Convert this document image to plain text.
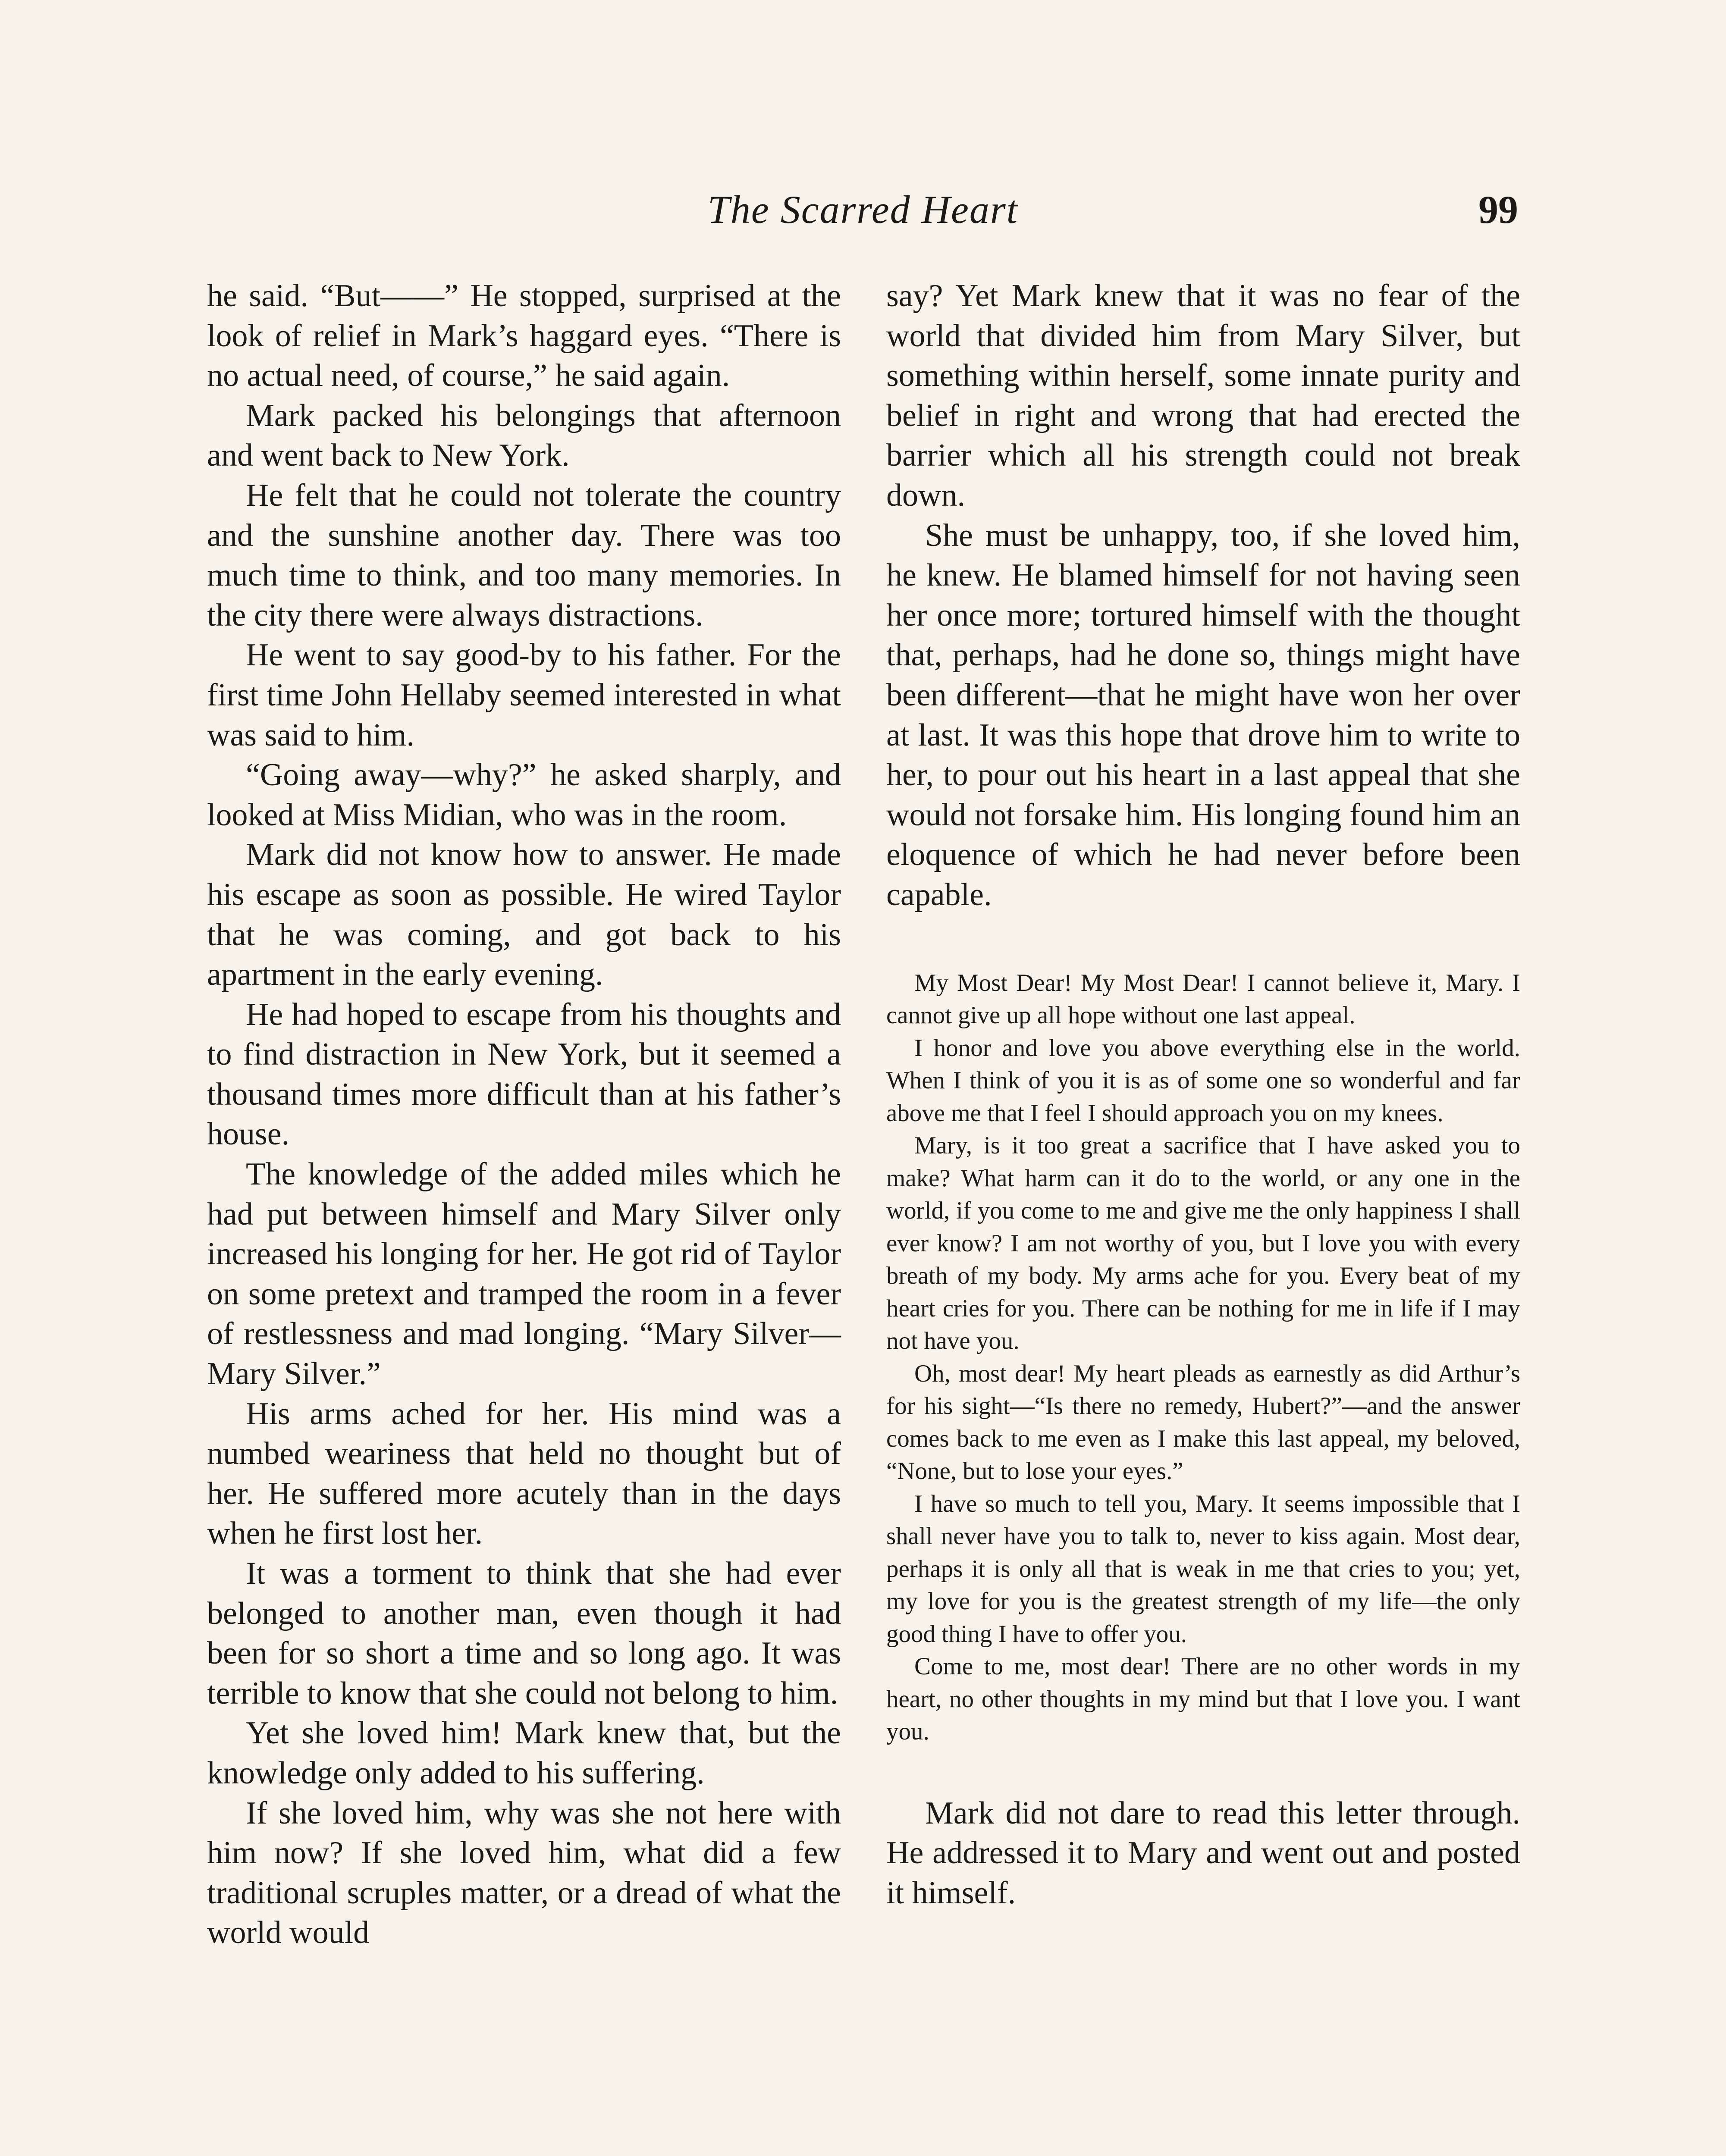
The Scarred Heart	99

he said. “But——” He stopped, surprised at the look of relief in Mark’s haggard eyes. “There is no actual need, of course,” he said again.

Mark packed his belongings that afternoon and went back to New York.

He felt that he could not tolerate the country and the sunshine another day. There was too much time to think, and too many memories. In the city there were always distractions.

He went to say good-by to his father. For the first time John Hellaby seemed interested in what was said to him.

“Going away—why?” he asked sharply, and looked at Miss Midian, who was in the room.

Mark did not know how to answer. He made his escape as soon as possible. He wired Taylor that he was coming, and got back to his apartment in the early evening.

He had hoped to escape from his thoughts and to find distraction in New York, but it seemed a thousand times more difficult than at his father’s house.

The knowledge of the added miles which he had put between himself and Mary Silver only increased his longing for her. He got rid of Taylor on some pretext and tramped the room in a fever of restlessness and mad longing. “Mary Silver—Mary Silver.”

His arms ached for her. His mind was a numbed weariness that held no thought but of her. He suffered more acutely than in the days when he first lost her.

It was a torment to think that she had ever belonged to another man, even though it had been for so short a time and so long ago. It was terrible to know that she could not belong to him.

Yet she loved him! Mark knew that, but the knowledge only added to his suffering.

If she loved him, why was she not here with him now? If she loved him, what did a few traditional scruples matter, or a dread of what the world would

say? Yet Mark knew that it was no fear of the world that divided him from Mary Silver, but something within herself, some innate purity and belief in right and wrong that had erected the barrier which all his strength could not break down.

She must be unhappy, too, if she loved him, he knew. He blamed himself for not having seen her once more; tortured himself with the thought that, perhaps, had he done so, things might have been different—that he might have won her over at last. It was this hope that drove him to write to her, to pour out his heart in a last appeal that she would not forsake him. His longing found him an eloquence of which he had never before been capable.

My Most Dear! My Most Dear! I cannot believe it, Mary. I cannot give up all hope without one last appeal.

I honor and love you above everything else in the world. When I think of you it is as of some one so wonderful and far above me that I feel I should approach you on my knees.

Mary, is it too great a sacrifice that I have asked you to make? What harm can it do to the world, or any one in the world, if you come to me and give me the only happiness I shall ever know? I am not worthy of you, but I love you with every breath of my body. My arms ache for you. Every beat of my heart cries for you. There can be nothing for me in life if I may not have you.

Oh, most dear! My heart pleads as earnestly as did Arthur’s for his sight—“Is there no remedy, Hubert?”—and the answer comes back to me even as I make this last appeal, my beloved, “None, but to lose your eyes.”

I have so much to tell you, Mary. It seems impossible that I shall never have you to talk to, never to kiss again. Most dear, perhaps it is only all that is weak in me that cries to you; yet, my love for you is the greatest strength of my life—the only good thing I have to offer you.

Come to me, most dear! There are no other words in my heart, no other thoughts in my mind but that I love you. I want you.

Mark did not dare to read this letter through. He addressed it to Mary and went out and posted it himself.
